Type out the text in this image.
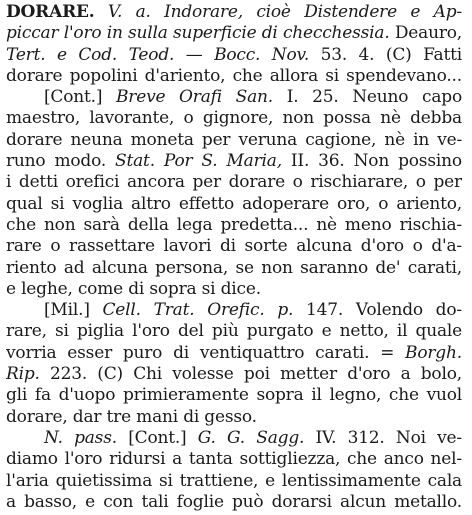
DORARE. V. a. Indorare, cioè Distendere e Ap-
piccar l'oro in sulla superficie di checchessia. Deauro,
Tert. e Cod. Teod. — Bocc. Nov. 53. 4. (C) Fatti
dorare popolini d'ariento, che allora si spendevano...
[Cont.] Breve Orafi San. I. 25. Neuno capo
maestro, lavorante, o gignore, non possa nè debba
dorare neuna moneta per veruna cagione, nè in ve-
runo modo. Stat. Por S. Maria, II. 36. Non possino
i detti orefici ancora per dorare o rischiarare, o per
qual si voglia altro effetto adoperare oro, o ariento,
che non sarà della lega predetta... nè meno rischia-
rare o rassettare lavori di sorte alcuna d'oro o d'a-
riento ad alcuna persona, se non saranno de' carati,
e leghe, come di sopra si dice.
[Mil.] Cell. Trat. Orefic. p. 147. Volendo do-
rare, si piglia l'oro del più purgato e netto, il quale
vorria esser puro di ventiquattro carati. = Borgh.
Rip. 223. (C) Chi volesse poi metter d'oro a bolo,
gli fa d'uopo primieramente sopra il legno, che vuol
dorare, dar tre mani di gesso.
N. pass. [Cont.] G. G. Sagg. IV. 312. Noi ve-
diamo l'oro ridursi a tanta sottigliezza, che anco nel-
l'aria quietissima si trattiene, e lentissimamente cala
a basso, e con tali foglie può dorarsi alcun metallo.
